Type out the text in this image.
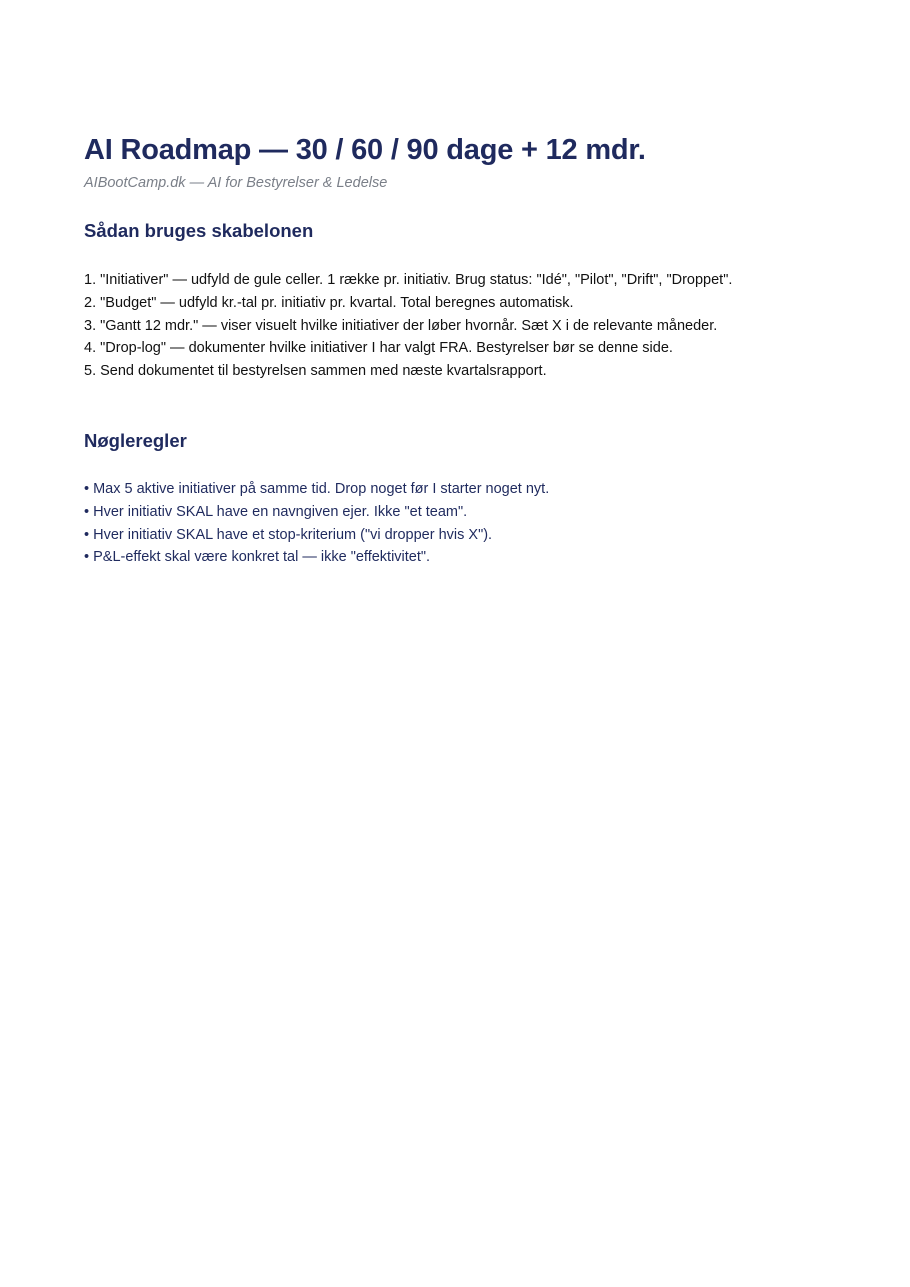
AI Roadmap — 30 / 60 / 90 dage + 12 mdr.

AIBootCamp.dk — AI for Bestyrelser & Ledelse

Sådan bruges skabelonen
1. "Initiativer" — udfyld de gule celler. 1 række pr. initiativ. Brug status: "Idé", "Pilot", "Drift", "Droppet".
2. "Budget" — udfyld kr.-tal pr. initiativ pr. kvartal. Total beregnes automatisk.
3. "Gantt 12 mdr." — viser visuelt hvilke initiativer der løber hvornår. Sæt X i de relevante måneder.
4. "Drop-log" — dokumenter hvilke initiativer I har valgt FRA. Bestyrelser bør se denne side.
5. Send dokumentet til bestyrelsen sammen med næste kvartalsrapport.
Nøgleregler
• Max 5 aktive initiativer på samme tid. Drop noget før I starter noget nyt.
• Hver initiativ SKAL have en navngiven ejer. Ikke "et team".
• Hver initiativ SKAL have et stop-kriterium ("vi dropper hvis X").
• P&L-effekt skal være konkret tal — ikke "effektivitet".
